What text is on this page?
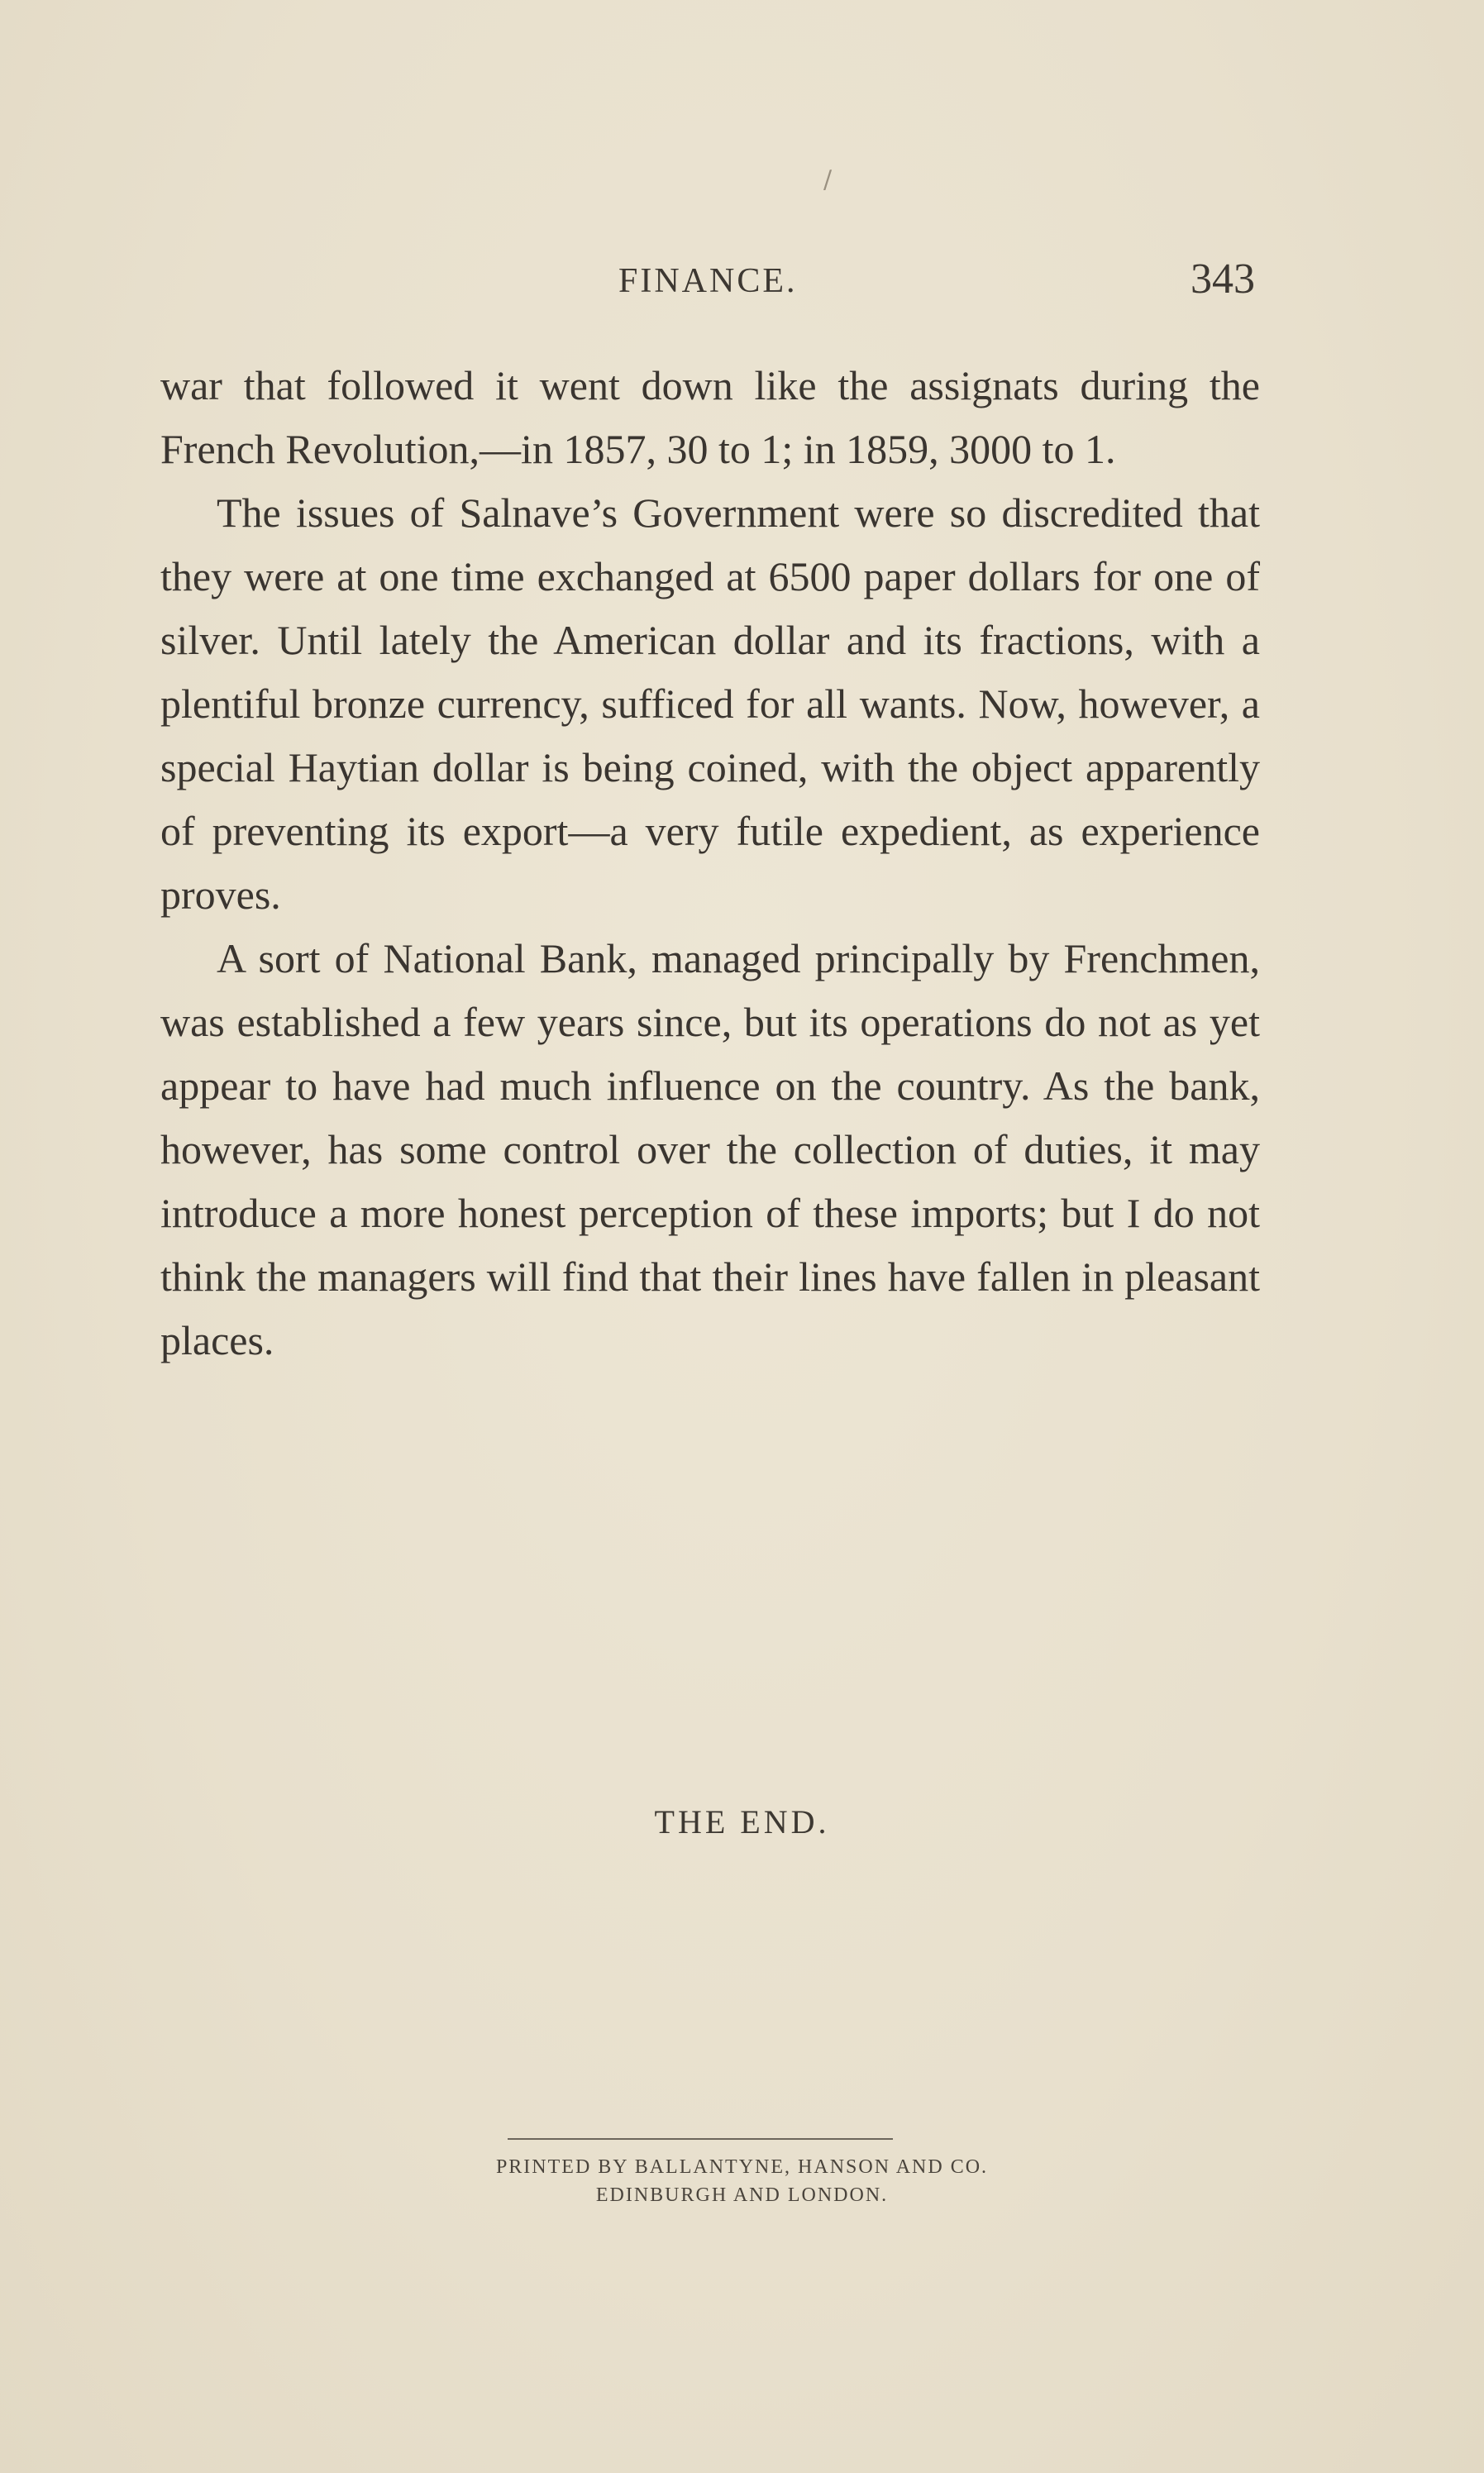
/
FINANCE.	343

war that followed it went down like the assignats during the French Revolution,—in 1857, 30 to 1; in 1859, 3000 to 1.

The issues of Salnave’s Government were so discredited that they were at one time exchanged at 6500 paper dollars for one of silver. Until lately the American dollar and its fractions, with a plentiful bronze currency, sufficed for all wants. Now, however, a special Haytian dollar is being coined, with the object apparently of preventing its export—a very futile expedient, as experience proves.

A sort of National Bank, managed principally by Frenchmen, was established a few years since, but its operations do not as yet appear to have had much influence on the country. As the bank, however, has some control over the collection of duties, it may introduce a more honest perception of these imports; but I do not think the managers will find that their lines have fallen in pleasant places.

THE END.
PRINTED BY BALLANTYNE, HANSON AND CO.
EDINBURGH AND LONDON.
